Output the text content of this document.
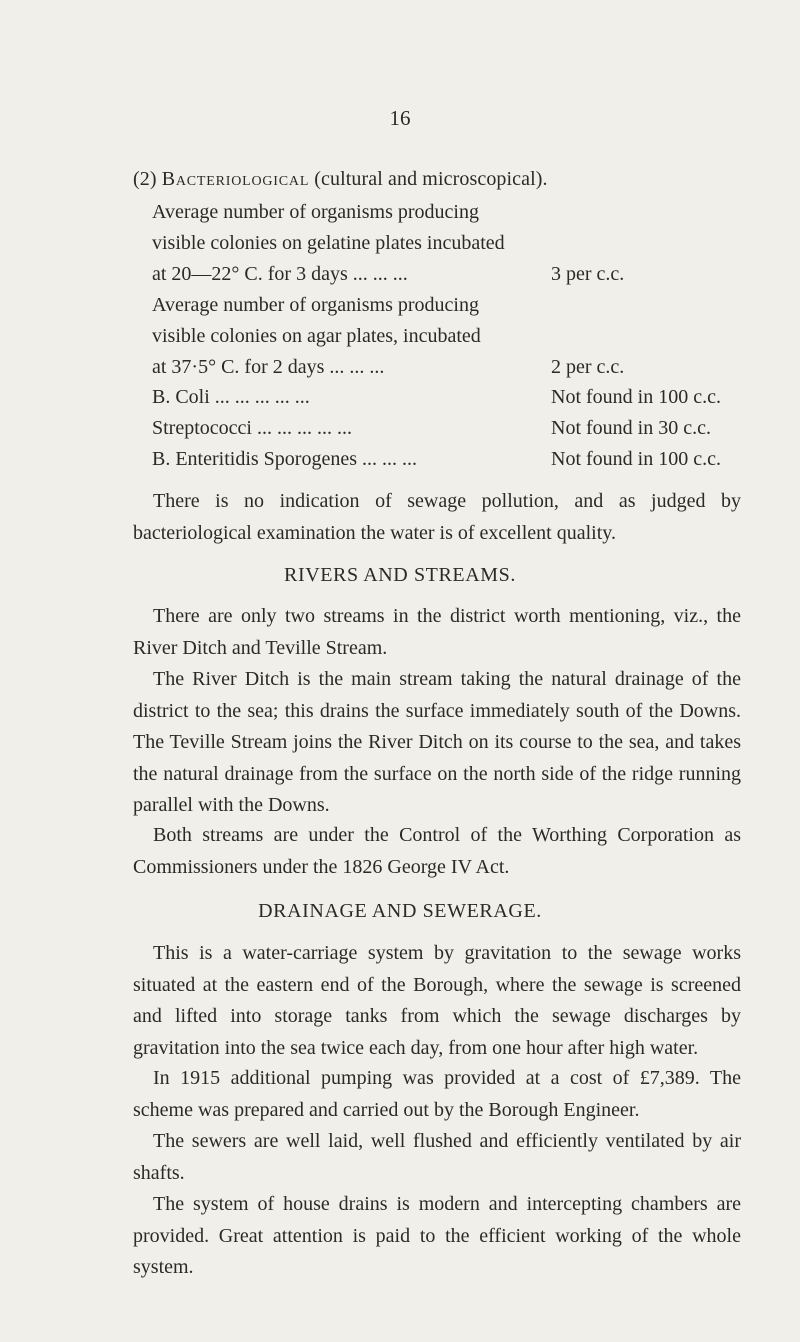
16
(2) Bacteriological (cultural and microscopical).
Average number of organisms producing
visible colonies on gelatine plates incubated
at 20—22° C. for 3 days ... ... ...	3 per c.c.
Average number of organisms producing
visible colonies on agar plates, incubated
at 37·5° C. for 2 days ... ... ...	2 per c.c.
B. Coli ... ... ... ... ...	Not found in 100 c.c.
Streptococci ... ... ... ... ...	Not found in 30 c.c.
B. Enteritidis Sporogenes ... ... ...	Not found in 100 c.c.
There is no indication of sewage pollution, and as judged by bacteriological examination the water is of excellent quality.
RIVERS AND STREAMS.
There are only two streams in the district worth mentioning, viz., the River Ditch and Teville Stream.
The River Ditch is the main stream taking the natural drainage of the district to the sea; this drains the surface immediately south of the Downs. The Teville Stream joins the River Ditch on its course to the sea, and takes the natural drainage from the surface on the north side of the ridge running parallel with the Downs.
Both streams are under the Control of the Worthing Corporation as Commissioners under the 1826 George IV Act.
DRAINAGE AND SEWERAGE.
This is a water-carriage system by gravitation to the sewage works situated at the eastern end of the Borough, where the sewage is screened and lifted into storage tanks from which the sewage discharges by gravitation into the sea twice each day, from one hour after high water.
In 1915 additional pumping was provided at a cost of £7,389. The scheme was prepared and carried out by the Borough Engineer.
The sewers are well laid, well flushed and efficiently ventilated by air shafts.
The system of house drains is modern and intercepting chambers are provided. Great attention is paid to the efficient working of the whole system.
